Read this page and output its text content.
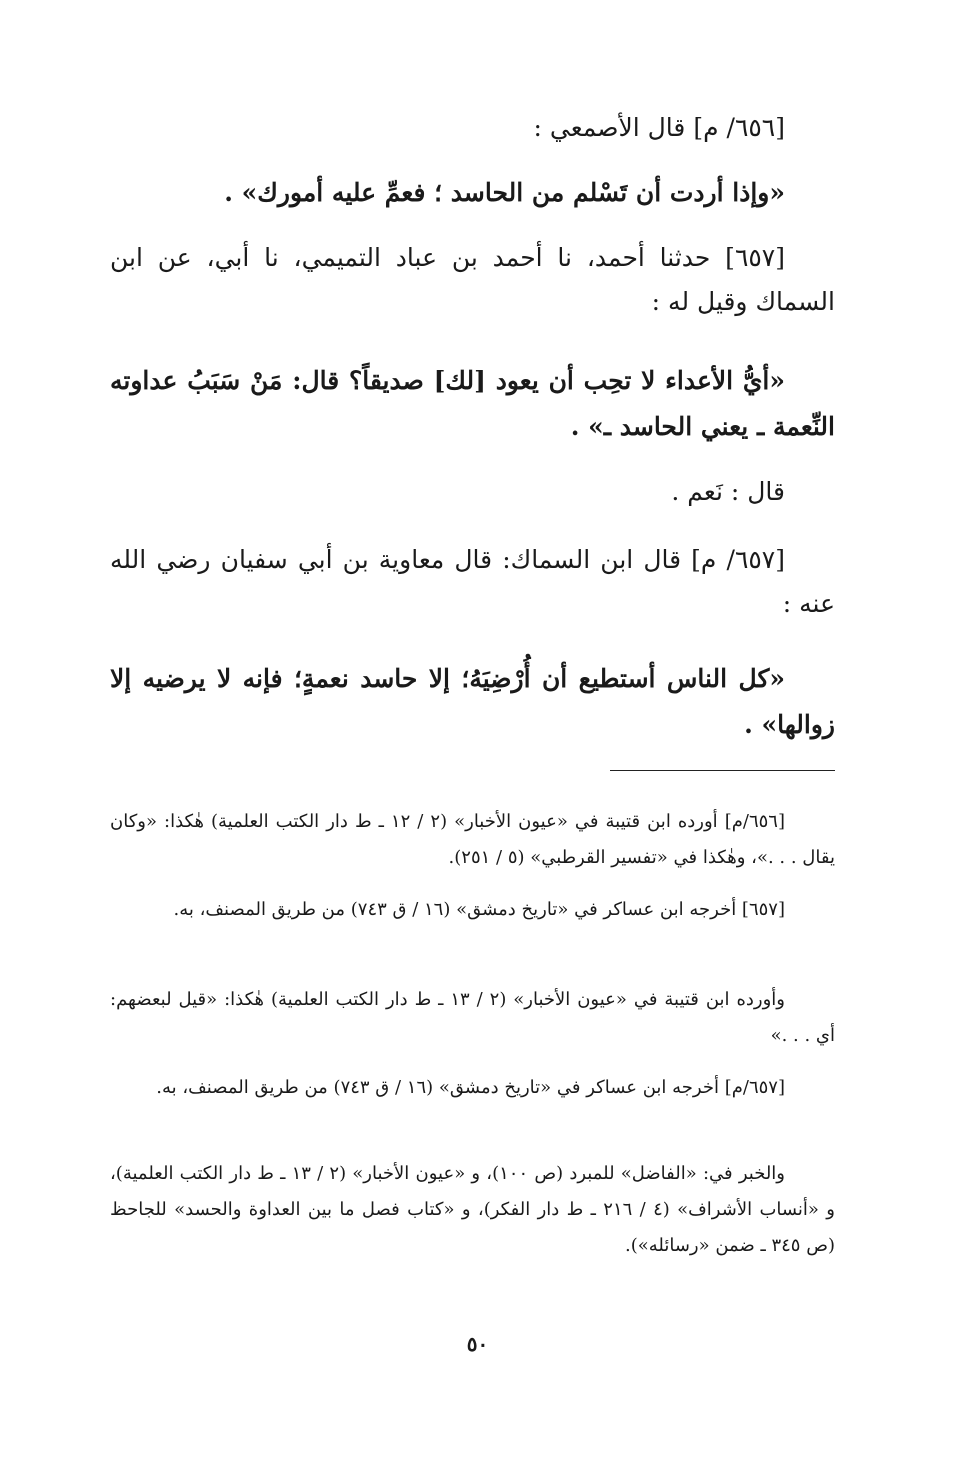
[٦٥٦/ م] قال الأصمعي :

«وإذا أردت أن تَسْلم من الحاسد ؛ فعمِّ عليه أمورك» .

[٦٥٧] حدثنا أحمد، نا أحمد بن عباد التميمي، نا أبي، عن ابن السماك وقيل له :

«أيُّ الأعداء لا تحِب أن يعود [لك] صديقاً؟ قال: مَنْ سَبَبُ عداوته النِّعمة ـ يعني الحاسد ـ» .

قال : نَعم .

[٦٥٧/ م] قال ابن السماك: قال معاوية بن أبي سفيان رضي الله عنه :

«كل الناس أستطيع أن أُرْضِيَهُ؛ إلا حاسد نعمةٍ؛ فإنه لا يرضيه إلا زوالها» .

[٦٥٦/م] أورده ابن قتيبة في «عيون الأخبار» (٢ / ١٢ ـ ط دار الكتب العلمية) هٰكذا: «وكان يقال . . .»، وهٰكذا في «تفسير القرطبي» (٥ / ٢٥١).

[٦٥٧] أخرجه ابن عساكر في «تاريخ دمشق» (١٦ / ق ٧٤٣) من طريق المصنف، به.

وأورده ابن قتيبة في «عيون الأخبار» (٢ / ١٣ ـ ط دار الكتب العلمية) هٰكذا: «قيل لبعضهم: أي . . .»

[٦٥٧/م] أخرجه ابن عساكر في «تاريخ دمشق» (١٦ / ق ٧٤٣) من طريق المصنف، به.

والخبر في: «الفاضل» للمبرد (ص ١٠٠)، و «عيون الأخبار» (٢ / ١٣ ـ ط دار الكتب العلمية)، و «أنساب الأشراف» (٤ / ٢١٦ ـ ط دار الفكر)، و «كتاب فصل ما بين العداوة والحسد» للجاحظ (ص ٣٤٥ ـ ضمن «رسائله»).

٥٠
